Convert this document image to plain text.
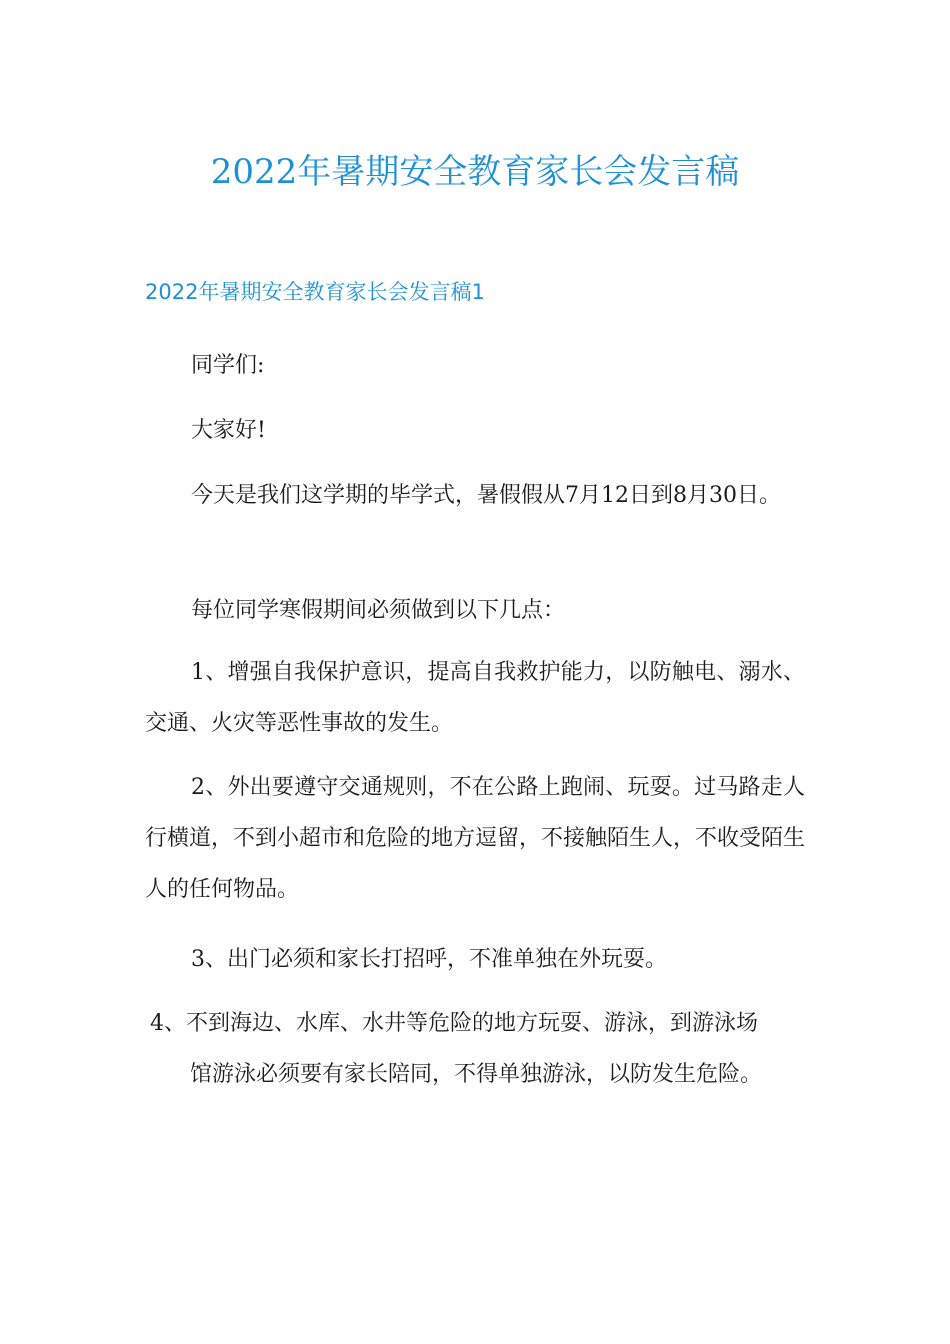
2022年暑期安全教育家长会发言稿
2022年暑期安全教育家长会发言稿1

同学们:

大家好!

今天是我们这学期的毕学式，暑假假从7月12日到8月30日。

每位同学寒假期间必须做到以下几点：

1、增强自我保护意识，提高自我救护能力，以防触电、溺水、交通、火灾等恶性事故的发生。

2、外出要遵守交通规则，不在公路上跑闹、玩耍。过马路走人行横道，不到小超市和危险的地方逗留，不接触陌生人，不收受陌生人的任何物品。

3、出门必须和家长打招呼，不准单独在外玩耍。

4、不到海边、水库、水井等危险的地方玩耍、游泳，到游泳场
馆游泳必须要有家长陪同，不得单独游泳，以防发生危险。
